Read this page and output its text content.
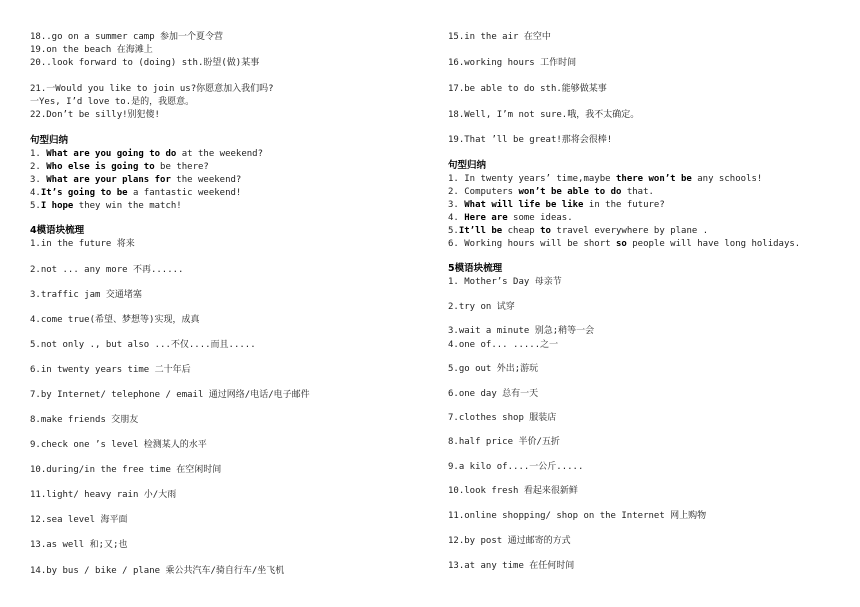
18..go on a summer camp 参加一个夏令营
19.on the beach 在海滩上
20..look forward to (doing) sth.盼望(做)某事
21.一Would you like to join us?你愿意加入我们吗?
一Yes, I’d love to.是的，我愿意。
22.Don’t be silly!别犯傻!
句型归纳
1. What are you going to do at the weekend?
2. Who else is going to be there?
3. What are your plans for the weekend?
4.It’s going to be a fantastic weekend!
5.I hope they win the match!
4模语块梳理
1.in the future 将来
2.not ... any more 不再......
3.traffic jam 交通堵塞
4.come true(希望、梦想等)实现，成真
5.not only ., but also ...不仅....而且.....
6.in twenty years time 二十年后
7.by Internet/ telephone / email 通过网络/电话/电子邮件
8.make friends 交朋友
9.check one ’s level 检测某人的水平
10.during/in the free time 在空闲时间
11.light/ heavy rain 小/大雨
12.sea level 海平面
13.as well 和;又;也
14.by bus / bike / plane 乘公共汽车/骑自行车/坐飞机
15.in the air 在空中
16.working hours 工作时间
17.be able to do sth.能够做某事
18.Well, I’m not sure.哦，我不太确定。
19.That ’ll be great!那将会很棒!
句型归纳
1. In twenty years’ time,maybe there won’t be any schools!
2. Computers won’t be able to do that.
3. What will life be like in the future?
4. Here are some ideas.
5.It’ll be cheap to travel everywhere by plane .
6. Working hours will be short so people will have long holidays.
5模语块梳理
1. Mother’s Day 母亲节
2.try on 试穿
3.wait a minute 别急;稍等一会
4.one of... .....之一
5.go out 外出;游玩
6.one day 总有一天
7.clothes shop 服装店
8.half price 半价/五折
9.a kilo of....一公斤.....
10.look fresh 看起来很新鲜
11.online shopping/ shop on the Internet 网上购物
12.by post 通过邮寄的方式
13.at any time 在任何时间
